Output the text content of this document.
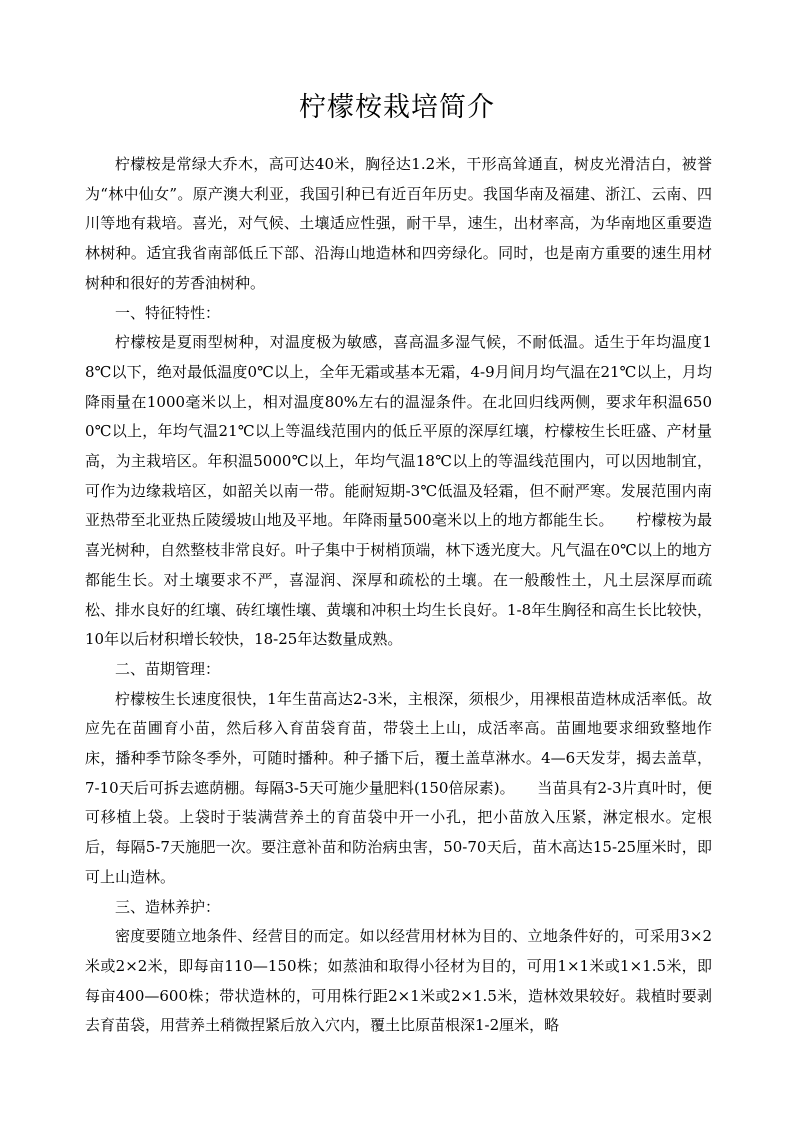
柠檬桉栽培简介

柠檬桉是常绿大乔木，高可达40米，胸径达1.2米，干形高耸通直，树皮光滑洁白，被誉为“林中仙女”。原产澳大利亚，我国引种已有近百年历史。我国华南及福建、浙江、云南、四川等地有栽培。喜光，对气候、土壤适应性强，耐干旱，速生，出材率高，为华南地区重要造林树种。适宜我省南部低丘下部、沿海山地造林和四旁绿化。同时，也是南方重要的速生用材树种和很好的芳香油树种。

一、特征特性：

柠檬桉是夏雨型树种，对温度极为敏感，喜高温多湿气候，不耐低温。适生于年均温度18℃以下，绝对最低温度0℃以上，全年无霜或基本无霜，4-9月间月均气温在21℃以上，月均降雨量在1000毫米以上，相对温度80%左右的温湿条件。在北回归线两侧，要求年积温6500℃以上，年均气温21℃以上等温线范围内的低丘平原的深厚红壤，柠檬桉生长旺盛、产材量高，为主栽培区。年积温5000℃以上，年均气温18℃以上的等温线范围内，可以因地制宜，可作为边缘栽培区，如韶关以南一带。能耐短期-3℃低温及轻霜，但不耐严寒。发展范围内南亚热带至北亚热丘陵缓坡山地及平地。年降雨量500毫米以上的地方都能生长。　　柠檬桉为最喜光树种，自然整枝非常良好。叶子集中于树梢顶端，林下透光度大。凡气温在0℃以上的地方都能生长。对土壤要求不严，喜湿润、深厚和疏松的土壤。在一般酸性土，凡土层深厚而疏松、排水良好的红壤、砖红壤性壤、黄壤和冲积土均生长良好。1-8年生胸径和高生长比较快，10年以后材积增长较快，18-25年达数量成熟。

二、苗期管理：

柠檬桉生长速度很快，1年生苗高达2-3米，主根深，须根少，用裸根苗造林成活率低。故应先在苗圃育小苗，然后移入育苗袋育苗，带袋土上山，成活率高。苗圃地要求细致整地作床，播种季节除冬季外，可随时播种。种子播下后，覆土盖草淋水。4—6天发芽，揭去盖草，7-10天后可拆去遮荫棚。每隔3-5天可施少量肥料(150倍尿素)。　　当苗具有2-3片真叶时，便可移植上袋。上袋时于装满营养土的育苗袋中开一小孔，把小苗放入压紧，淋定根水。定根后，每隔5-7天施肥一次。要注意补苗和防治病虫害，50-70天后，苗木高达15-25厘米时，即可上山造林。

三、造林养护：

密度要随立地条件、经营目的而定。如以经营用材林为目的、立地条件好的，可采用3×2米或2×2米，即每亩110—150株；如蒸油和取得小径材为目的，可用1×1米或1×1.5米，即每亩400—600株；带状造林的，可用株行距2×1米或2×1.5米，造林效果较好。栽植时要剥去育苗袋，用营养土稍微捏紧后放入穴内，覆土比原苗根深1-2厘米，略
